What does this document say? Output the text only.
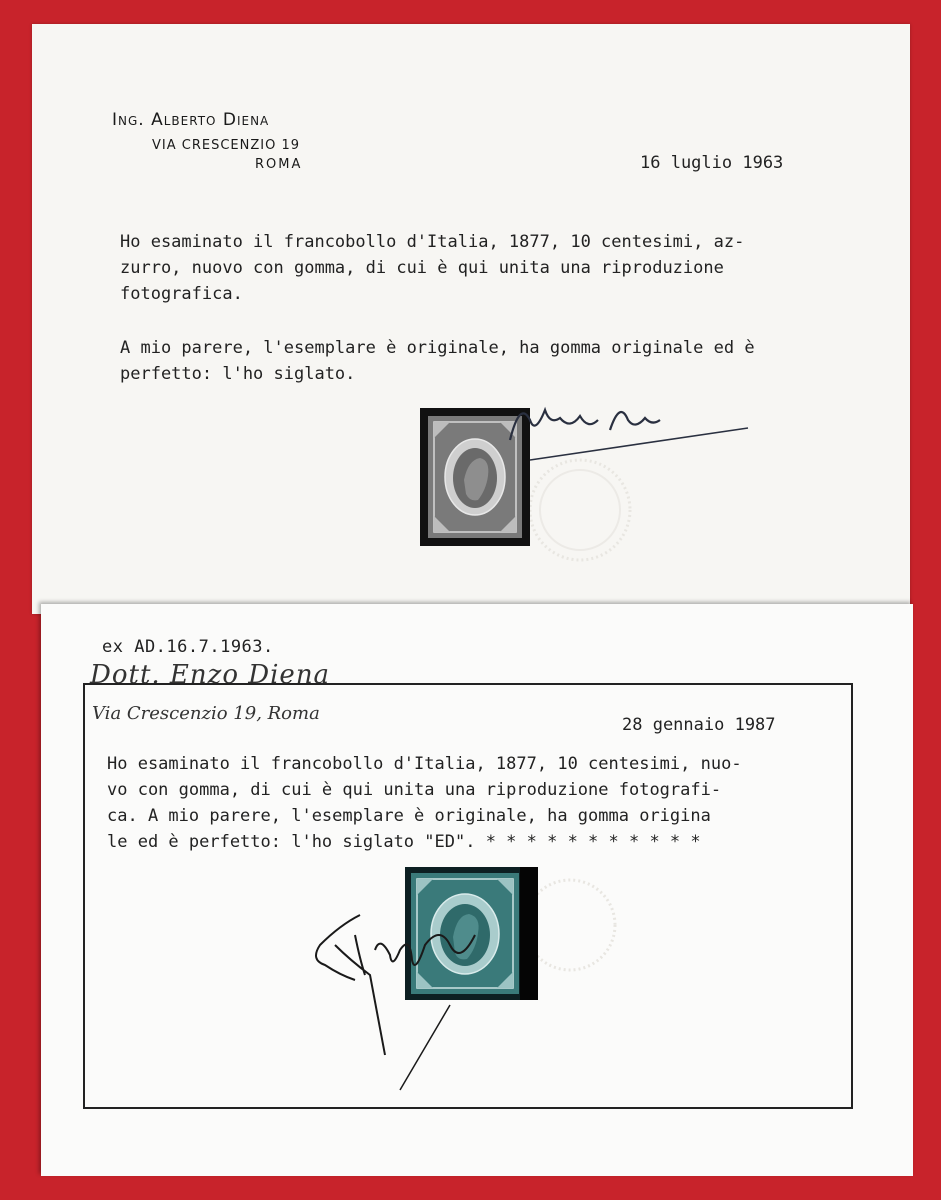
Ing. Alberto Diena
VIA CRESCENZIO 19
ROMA	16 luglio 1963
Ho esaminato il francobollo d'Italia, 1877, 10 centesimi, az-
zurro, nuovo con gomma, di cui è qui unita una riproduzione
fotografica.
A mio parere, l'esemplare è originale, ha gomma originale ed è
perfetto: l'ho siglato.
ex AD.16.7.1963.
Dott. Enzo Diena
Via Crescenzio 19, Roma
28 gennaio 1987
Ho esaminato il francobollo d'Italia, 1877, 10 centesimi, nuo-
vo con gomma, di cui è qui unita una riproduzione fotografi-
ca. A mio parere, l'esemplare è originale, ha gomma origina
le ed è perfetto: l'ho siglato "ED". * * * * * * * * * * *
